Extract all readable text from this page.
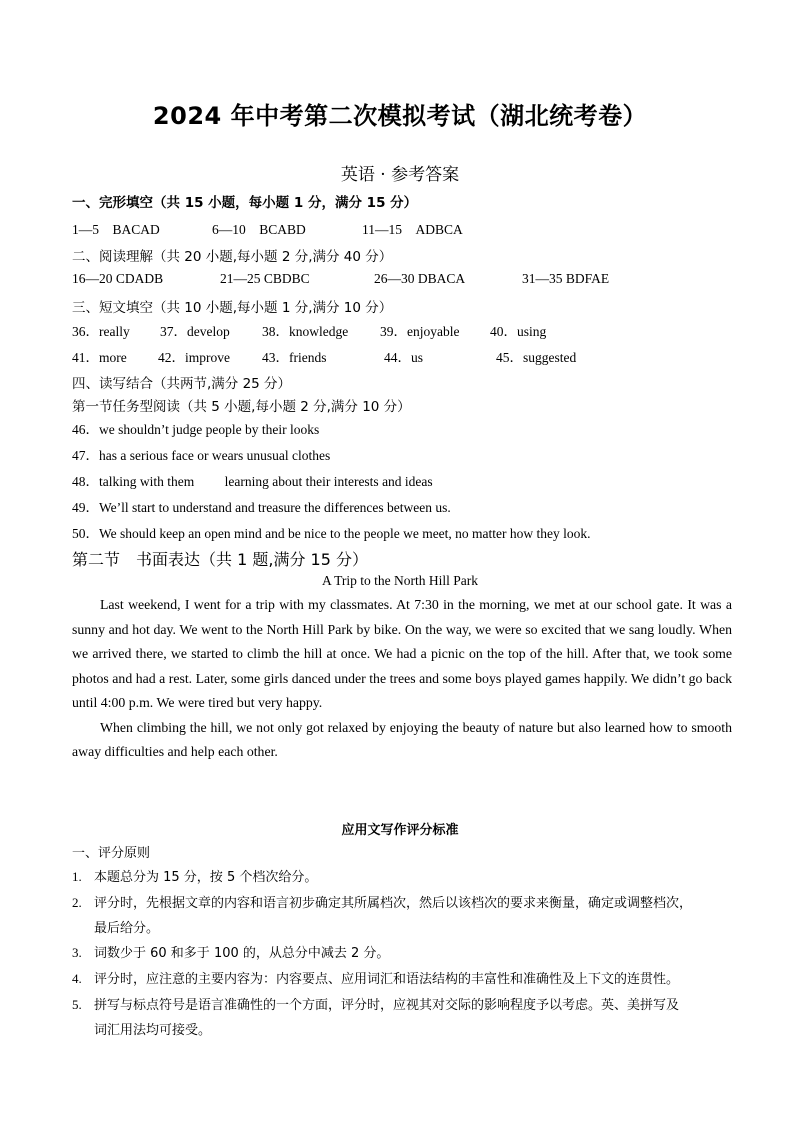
2024 年中考第二次模拟考试（湖北统考卷）
英语 · 参考答案
一、完形填空（共 15 小题，每小题 1 分，满分 15 分）
1—5　BACAD	6—10　BCABD	11—15　ADBCA
二、阅读理解（共 20 小题,每小题 2 分,满分 40 分）
16—20 CDADB	21—25 CBDBC	26—30 DBACA	31—35 BDFAE
三、短文填空（共 10 小题,每小题 1 分,满分 10 分）
36．really 37．develop 38．knowledge 39．enjoyable 40．using
41．more 42．improve 43．friends	44．us	45．suggested
四、读写结合（共两节,满分 25 分）
第一节任务型阅读（共 5 小题,每小题 2 分,满分 10 分）
46．we shouldn’t judge people by their looks
47．has a serious face or wears unusual clothes
48．talking with them　　 learning about their interests and ideas
49．We’ll start to understand and treasure the differences between us.
50．We should keep an open mind and be nice to the people we meet, no matter how they look.
第二节　书面表达（共 1 题,满分 15 分）
A Trip to the North Hill Park

Last weekend, I went for a trip with my classmates. At 7:30 in the morning, we met at our school gate. It was a sunny and hot day. We went to the North Hill Park by bike. On the way, we were so excited that we sang loudly. When we arrived there, we started to climb the hill at once. We had a picnic on the top of the hill. After that, we took some photos and had a rest. Later, some girls danced under the trees and some boys played games happily. We didn’t go back until 4:00 p.m. We were tired but very happy.

When climbing the hill, we not only got relaxed by enjoying the beauty of nature but also learned how to smooth away difficulties and help each other.

应用文写作评分标准
一、评分原则
1. 本题总分为 15 分，按 5 个档次给分。
2. 评分时，先根据文章的内容和语言初步确定其所属档次，然后以该档次的要求来衡量，确定或调整档次，
最后给分。
3. 词数少于 60 和多于 100 的，从总分中减去 2 分。
4. 评分时，应注意的主要内容为：内容要点、应用词汇和语法结构的丰富性和准确性及上下文的连贯性。
5. 拼写与标点符号是语言准确性的一个方面，评分时，应视其对交际的影响程度予以考虑。英、美拼写及
词汇用法均可接受。
